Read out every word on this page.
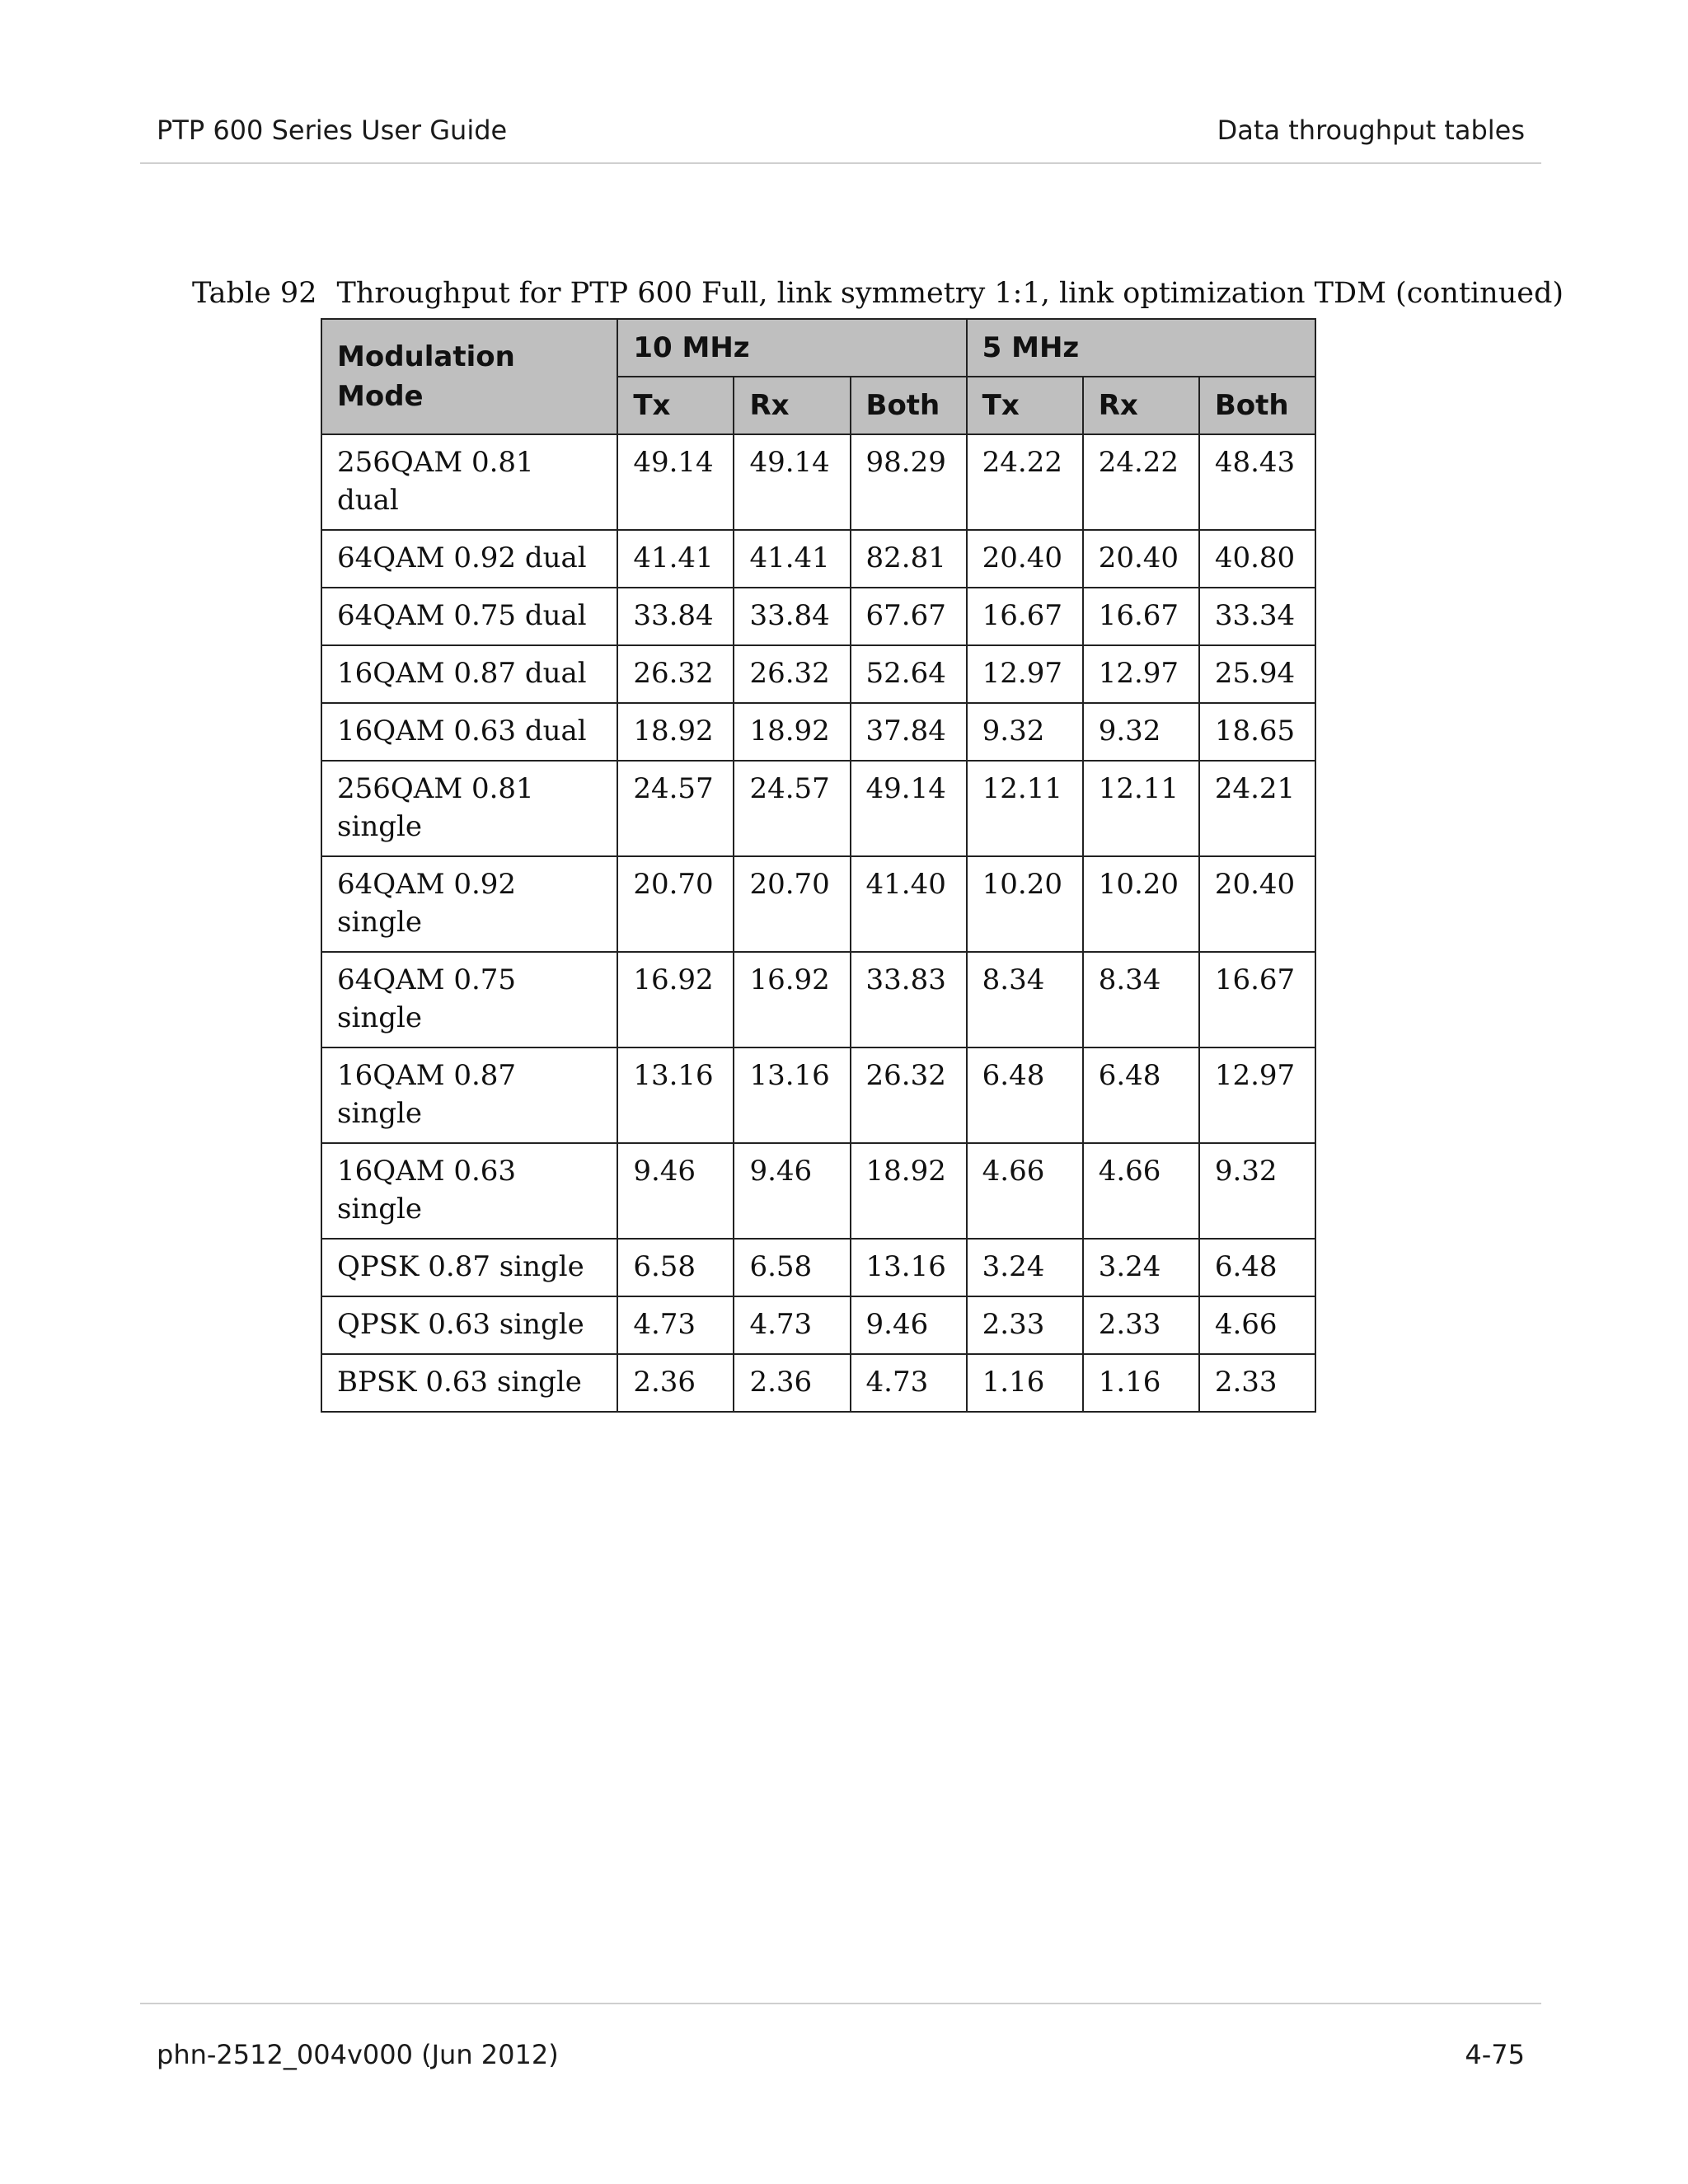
PTP 600 Series User Guide	Data throughput tables
Table 92 Throughput for PTP 600 Full, link symmetry 1:1, link optimization TDM (continued)
Modulation Mode	10 MHz			5 MHz		
	Tx	Rx	Both	Tx	Rx	Both
256QAM 0.81 dual	49.14	49.14	98.29	24.22	24.22	48.43
64QAM 0.92 dual	41.41	41.41	82.81	20.40	20.40	40.80
64QAM 0.75 dual	33.84	33.84	67.67	16.67	16.67	33.34
16QAM 0.87 dual	26.32	26.32	52.64	12.97	12.97	25.94
16QAM 0.63 dual	18.92	18.92	37.84	9.32	9.32	18.65
256QAM 0.81 single	24.57	24.57	49.14	12.11	12.11	24.21
64QAM 0.92 single	20.70	20.70	41.40	10.20	10.20	20.40
64QAM 0.75 single	16.92	16.92	33.83	8.34	8.34	16.67
16QAM 0.87 single	13.16	13.16	26.32	6.48	6.48	12.97
16QAM 0.63 single	9.46	9.46	18.92	4.66	4.66	9.32
QPSK 0.87 single	6.58	6.58	13.16	3.24	3.24	6.48
QPSK 0.63 single	4.73	4.73	9.46	2.33	2.33	4.66
BPSK 0.63 single	2.36	2.36	4.73	1.16	1.16	2.33
phn-2512_004v000 (Jun 2012)	4-75
